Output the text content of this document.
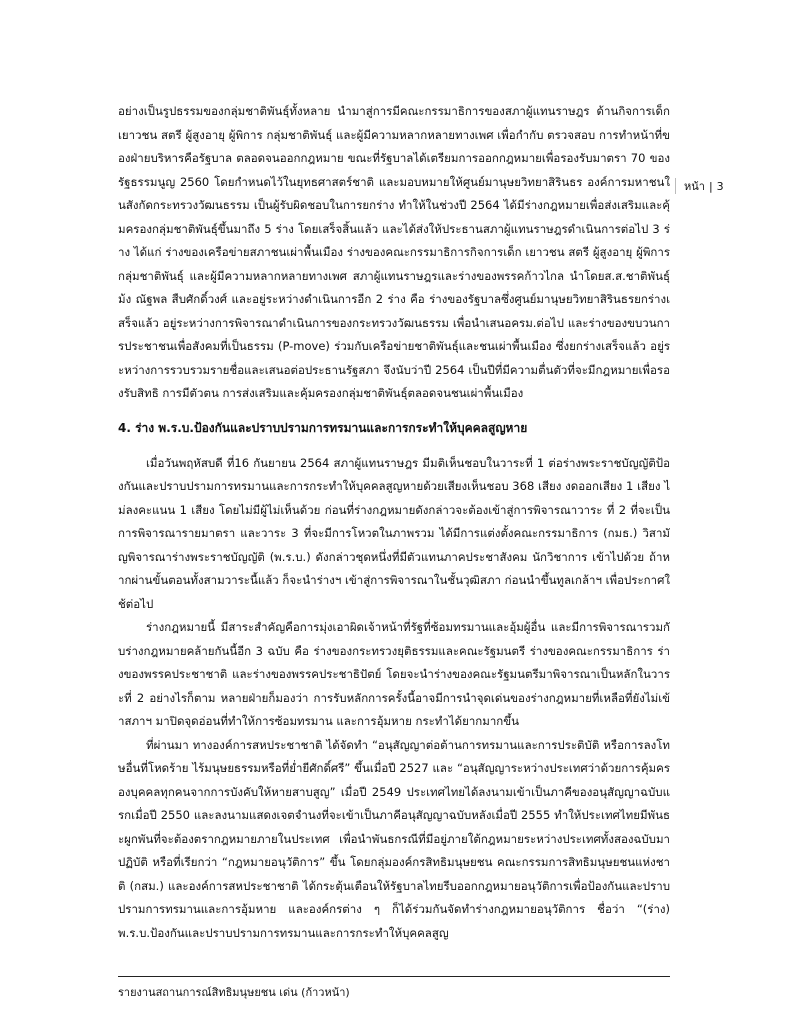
อย่างเป็นรูปธรรมของกลุ่มชาติพันธุ์ทั้งหลาย นำมาสู่การมีคณะกรรมาธิการของสภาผู้แทนราษฎร ด้านกิจการเด็ก เยาวชน สตรี ผู้สูงอายุ ผู้พิการ กลุ่มชาติพันธุ์ และผู้มีความหลากหลายทางเพศ เพื่อกำกับ ตรวจสอบ การทำหน้าที่ของฝ่ายบริหารคือรัฐบาล ตลอดจนออกกฎหมาย ขณะที่รัฐบาลได้เตรียมการออกกฎหมายเพื่อรองรับมาตรา 70 ของรัฐธรรมนูญ 2560 โดยกำหนดไว้ในยุทธศาสตร์ชาติ และมอบหมายให้ศูนย์มานุษยวิทยาสิรินธร องค์การมหาชนในสังกัดกระทรวงวัฒนธรรม เป็นผู้รับผิดชอบในการยกร่าง ทำให้ในช่วงปี 2564 ได้มีร่างกฎหมายเพื่อส่งเสริมและคุ้มครองกลุ่มชาติพันธุ์ขึ้นมาถึง 5 ร่าง โดยเสร็จสิ้นแล้ว และได้ส่งให้ประธานสภาผู้แทนราษฎรดำเนินการต่อไป 3 ร่าง ได้แก่ ร่างของเครือข่ายสภาชนเผ่าพื้นเมือง ร่างของคณะกรรมาธิการกิจการเด็ก เยาวชน สตรี ผู้สูงอายุ ผู้พิการ กลุ่มชาติพันธุ์ และผู้มีความหลากหลายทางเพศ สภาผู้แทนราษฎรและร่างของพรรคก้าวไกล นำโดยส.ส.ชาติพันธุ์ม้ง ณัฐพล สืบศักดิ์วงศ์ และอยู่ระหว่างดำเนินการอีก 2 ร่าง คือ ร่างของรัฐบาลซึ่งศูนย์มานุษยวิทยาสิรินธรยกร่างเสร็จแล้ว อยู่ระหว่างการพิจารณาดำเนินการของกระทรวงวัฒนธรรม เพื่อนำเสนอครม.ต่อไป และร่างของขบวนการประชาชนเพื่อสังคมที่เป็นธรรม (P-move) ร่วมกับเครือข่ายชาติพันธุ์และชนเผ่าพื้นเมือง ซึ่งยกร่างเสร็จแล้ว อยู่ระหว่างการรวบรวมรายชื่อและเสนอต่อประธานรัฐสภา จึงนับว่าปี 2564 เป็นปีที่มีความตื่นตัวที่จะมีกฎหมายเพื่อรองรับสิทธิ การมีตัวตน การส่งเสริมและคุ้มครองกลุ่มชาติพันธุ์ตลอดจนชนเผ่าพื้นเมือง

4. ร่าง พ.ร.บ.ป้องกันและปราบปรามการทรมานและการกระทำให้บุคคลสูญหาย

เมื่อวันพฤหัสบดี ที่16 กันยายน 2564 สภาผู้แทนราษฎร มีมติเห็นชอบในวาระที่ 1 ต่อร่างพระราชบัญญัติป้องกันและปราบปรามการทรมานและการกระทำให้บุคคลสูญหายด้วยเสียงเห็นชอบ 368 เสียง งดออกเสียง 1 เสียง ไม่ลงคะแนน 1 เสียง โดยไม่มีผู้ไม่เห็นด้วย ก่อนที่ร่างกฎหมายดังกล่าวจะต้องเข้าสู่การพิจารณาวาระ ที่ 2 ที่จะเป็นการพิจารณารายมาตรา และวาระ 3 ที่จะมีการโหวตในภาพรวม ได้มีการแต่งตั้งคณะกรรมาธิการ (กมธ.) วิสามัญพิจารณาร่างพระราชบัญญัติ (พ.ร.บ.) ดังกล่าวชุดหนึ่งที่มีตัวแทนภาคประชาสังคม นักวิชาการ เข้าไปด้วย ถ้าหากผ่านขั้นตอนทั้งสามวาระนี้แล้ว ก็จะนำร่างฯ เข้าสู่การพิจารณาในชั้นวุฒิสภา ก่อนนำขึ้นทูลเกล้าฯ เพื่อประกาศใช้ต่อไป

ร่างกฎหมายนี้ มีสาระสำคัญคือการมุ่งเอาผิดเจ้าหน้าที่รัฐที่ซ้อมทรมานและอุ้มผู้อื่น และมีการพิจารณารวมกับร่างกฎหมายคล้ายกันนี้อีก 3 ฉบับ คือ ร่างของกระทรวงยุติธรรมและคณะรัฐมนตรี ร่างของคณะกรรมาธิการ ร่างของพรรคประชาชาติ และร่างของพรรคประชาธิปัตย์ โดยจะนำร่างของคณะรัฐมนตรีมาพิจารณาเป็นหลักในวาระที่ 2 อย่างไรก็ตาม หลายฝ่ายก็มองว่า การรับหลักการครั้งนี้อาจมีการนำจุดเด่นของร่างกฎหมายที่เหลือที่ยังไม่เข้าสภาฯ มาปิดจุดอ่อนที่ทำให้การซ้อมทรมาน และการอุ้มหาย กระทำได้ยากมากขึ้น

ที่ผ่านมา ทางองค์การสหประชาชาติ ได้จัดทำ “อนุสัญญาต่อต้านการทรมานและการประติบัติ หรือการลงโทษอื่นที่โหดร้าย ไร้มนุษยธรรมหรือที่ย่ำยีศักดิ์ศรี” ขึ้นเมื่อปี 2527 และ “อนุสัญญาระหว่างประเทศว่าด้วยการคุ้มครองบุคคลทุกคนจากการบังคับให้หายสาบสูญ” เมื่อปี 2549 ประเทศไทยได้ลงนามเข้าเป็นภาคีของอนุสัญญาฉบับแรกเมื่อปี 2550 และลงนามแสดงเจตจำนงที่จะเข้าเป็นภาคีอนุสัญญาฉบับหลังเมื่อปี 2555 ทำให้ประเทศไทยมีพันธะผูกพันที่จะต้องตรากฎหมายภายในประเทศ เพื่อนำพันธกรณีที่มีอยู่ภายใต้กฎหมายระหว่างประเทศทั้งสองฉบับมาปฏิบัติ หรือที่เรียกว่า “กฎหมายอนุวัติการ” ขึ้น โดยกลุ่มองค์กรสิทธิมนุษยชน คณะกรรมการสิทธิมนุษยชนแห่งชาติ (กสม.) และองค์การสหประชาชาติ ได้กระตุ้นเตือนให้รัฐบาลไทยรีบออกกฎหมายอนุวัติการเพื่อป้องกันและปราบปรามการทรมานและการอุ้มหาย และองค์กรต่าง ๆ ก็ได้ร่วมกันจัดทำร่างกฎหมายอนุวัติการ ชื่อว่า “(ร่าง) พ.ร.บ.ป้องกันและปราบปรามการทรมานและการกระทำให้บุคคลสูญ

หน้า | 3
รายงานสถานการณ์สิทธิมนุษยชน เด่น (ก้าวหน้า)
